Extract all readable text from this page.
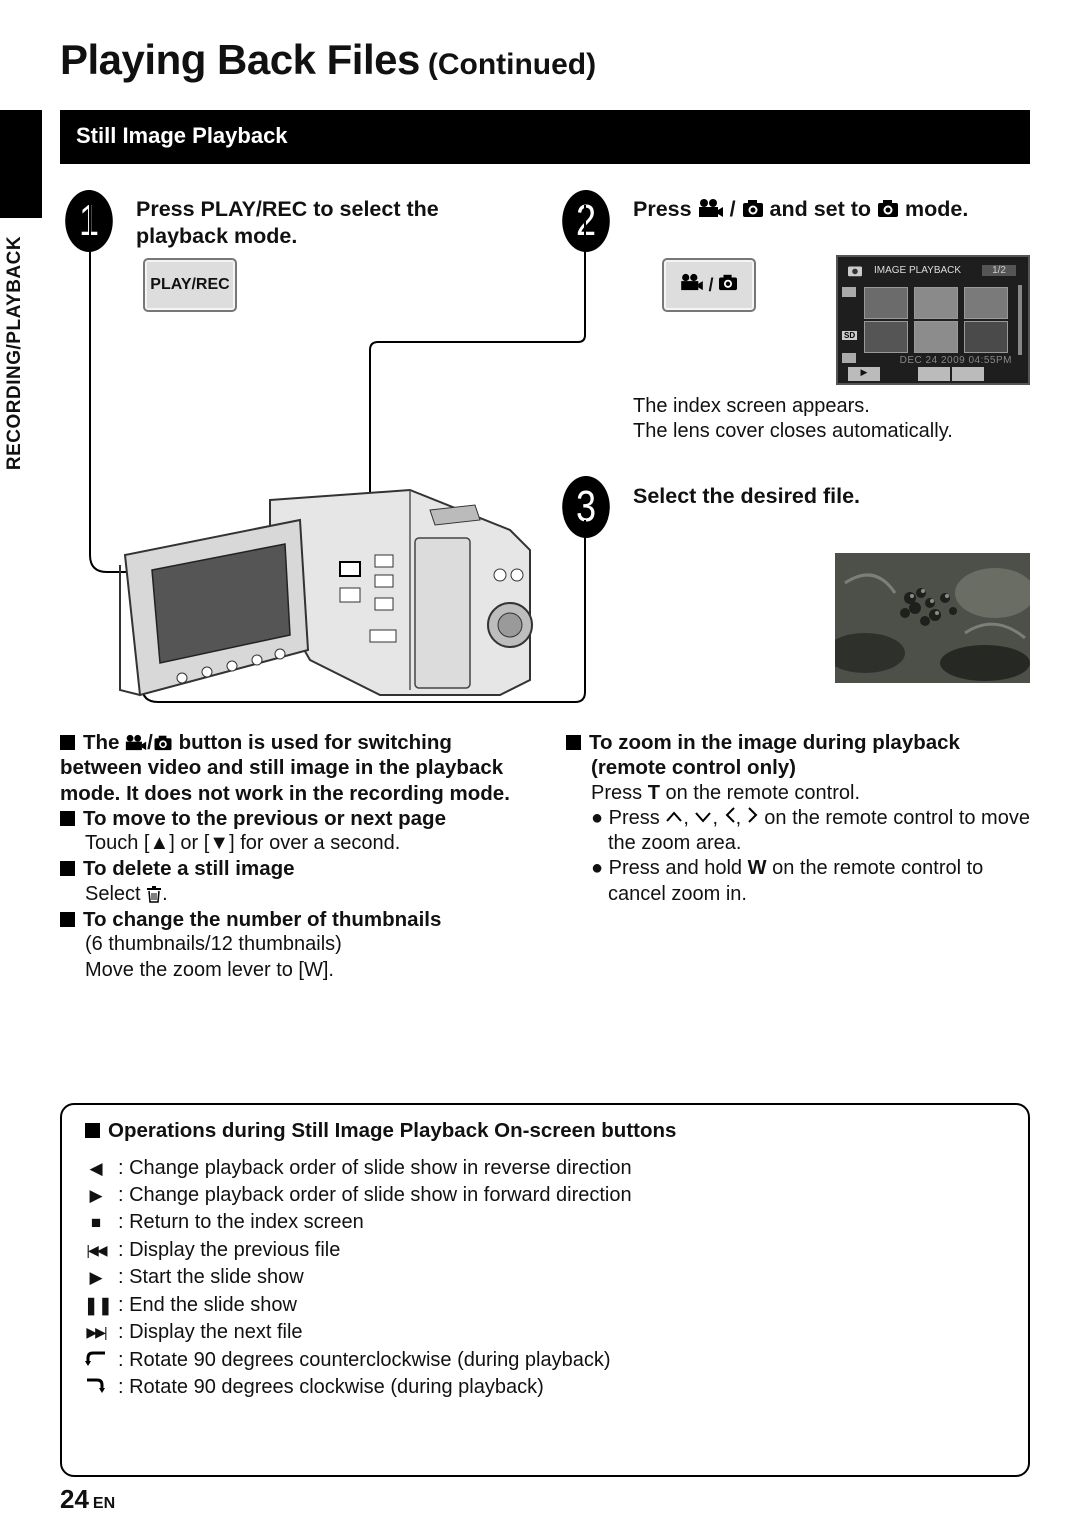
Playing Back Files (Continued)
RECORDING/PLAYBACK
Still Image Playback
1	Press PLAY/REC to select the playback mode.
PLAY/REC
2	Press / and set to mode.
/
IMAGE PLAYBACK	1/2
SD
DEC 24 2009 04:55PM
▶
The index screen appears.
The lens cover closes automatically.
3	Select the desired file.
The / button is used for switching between video and still image in the playback mode. It does not work in the recording mode.
To move to the previous or next page
Touch [▲] or [▼] for over a second.
To delete a still image
Select .
To change the number of thumbnails
(6 thumbnails/12 thumbnails)
Move the zoom lever to [W].
To zoom in the image during playback (remote control only)
Press T on the remote control.
● Press , , ,  on the remote control to move the zoom area.
● Press and hold W on the remote control to cancel zoom in.
Operations during Still Image Playback On-screen buttons
◀ : Change playback order of slide show in reverse direction
▶ : Change playback order of slide show in forward direction
■ : Return to the index screen
|◀◀ : Display the previous file
▶ : Start the slide show
❚❚ : End the slide show
▶▶| : Display the next file
: Rotate 90 degrees counterclockwise (during playback)
: Rotate 90 degrees clockwise (during playback)
24 EN
